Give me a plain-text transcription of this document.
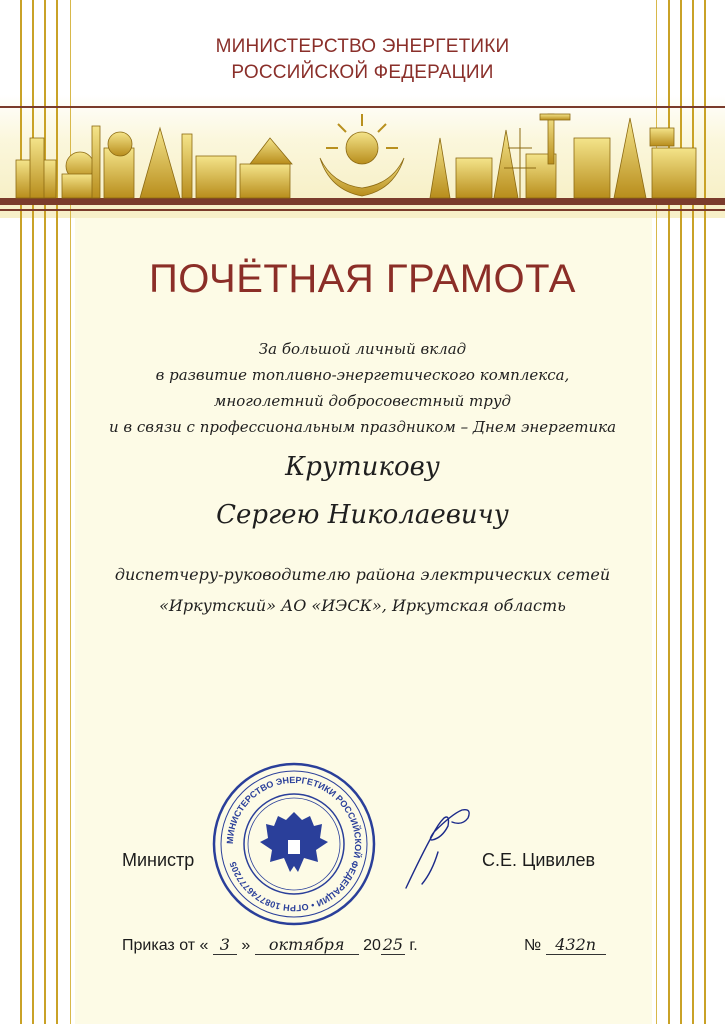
МИНИСТЕРСТВО ЭНЕРГЕТИКИ
РОССИЙСКОЙ ФЕДЕРАЦИИ
ПОЧЁТНАЯ ГРАМОТА
За большой личный вклад
в развитие топливно-энергетического комплекса,
многолетний добросовестный труд
и в связи с профессиональным праздником – Днем энергетика
Крутикову
Сергею Николаевичу
диспетчеру-руководителю района электрических сетей
«Иркутский» АО «ИЭСК», Иркутская область
МИНИСТЕРСТВО ЭНЕРГЕТИКИ РОССИЙСКОЙ ФЕДЕРАЦИИ • ОГРН 1087746777205
Министр	С.Е. Цивилев
Приказ от « 3 » октября 20 25 г.	№ 432п
